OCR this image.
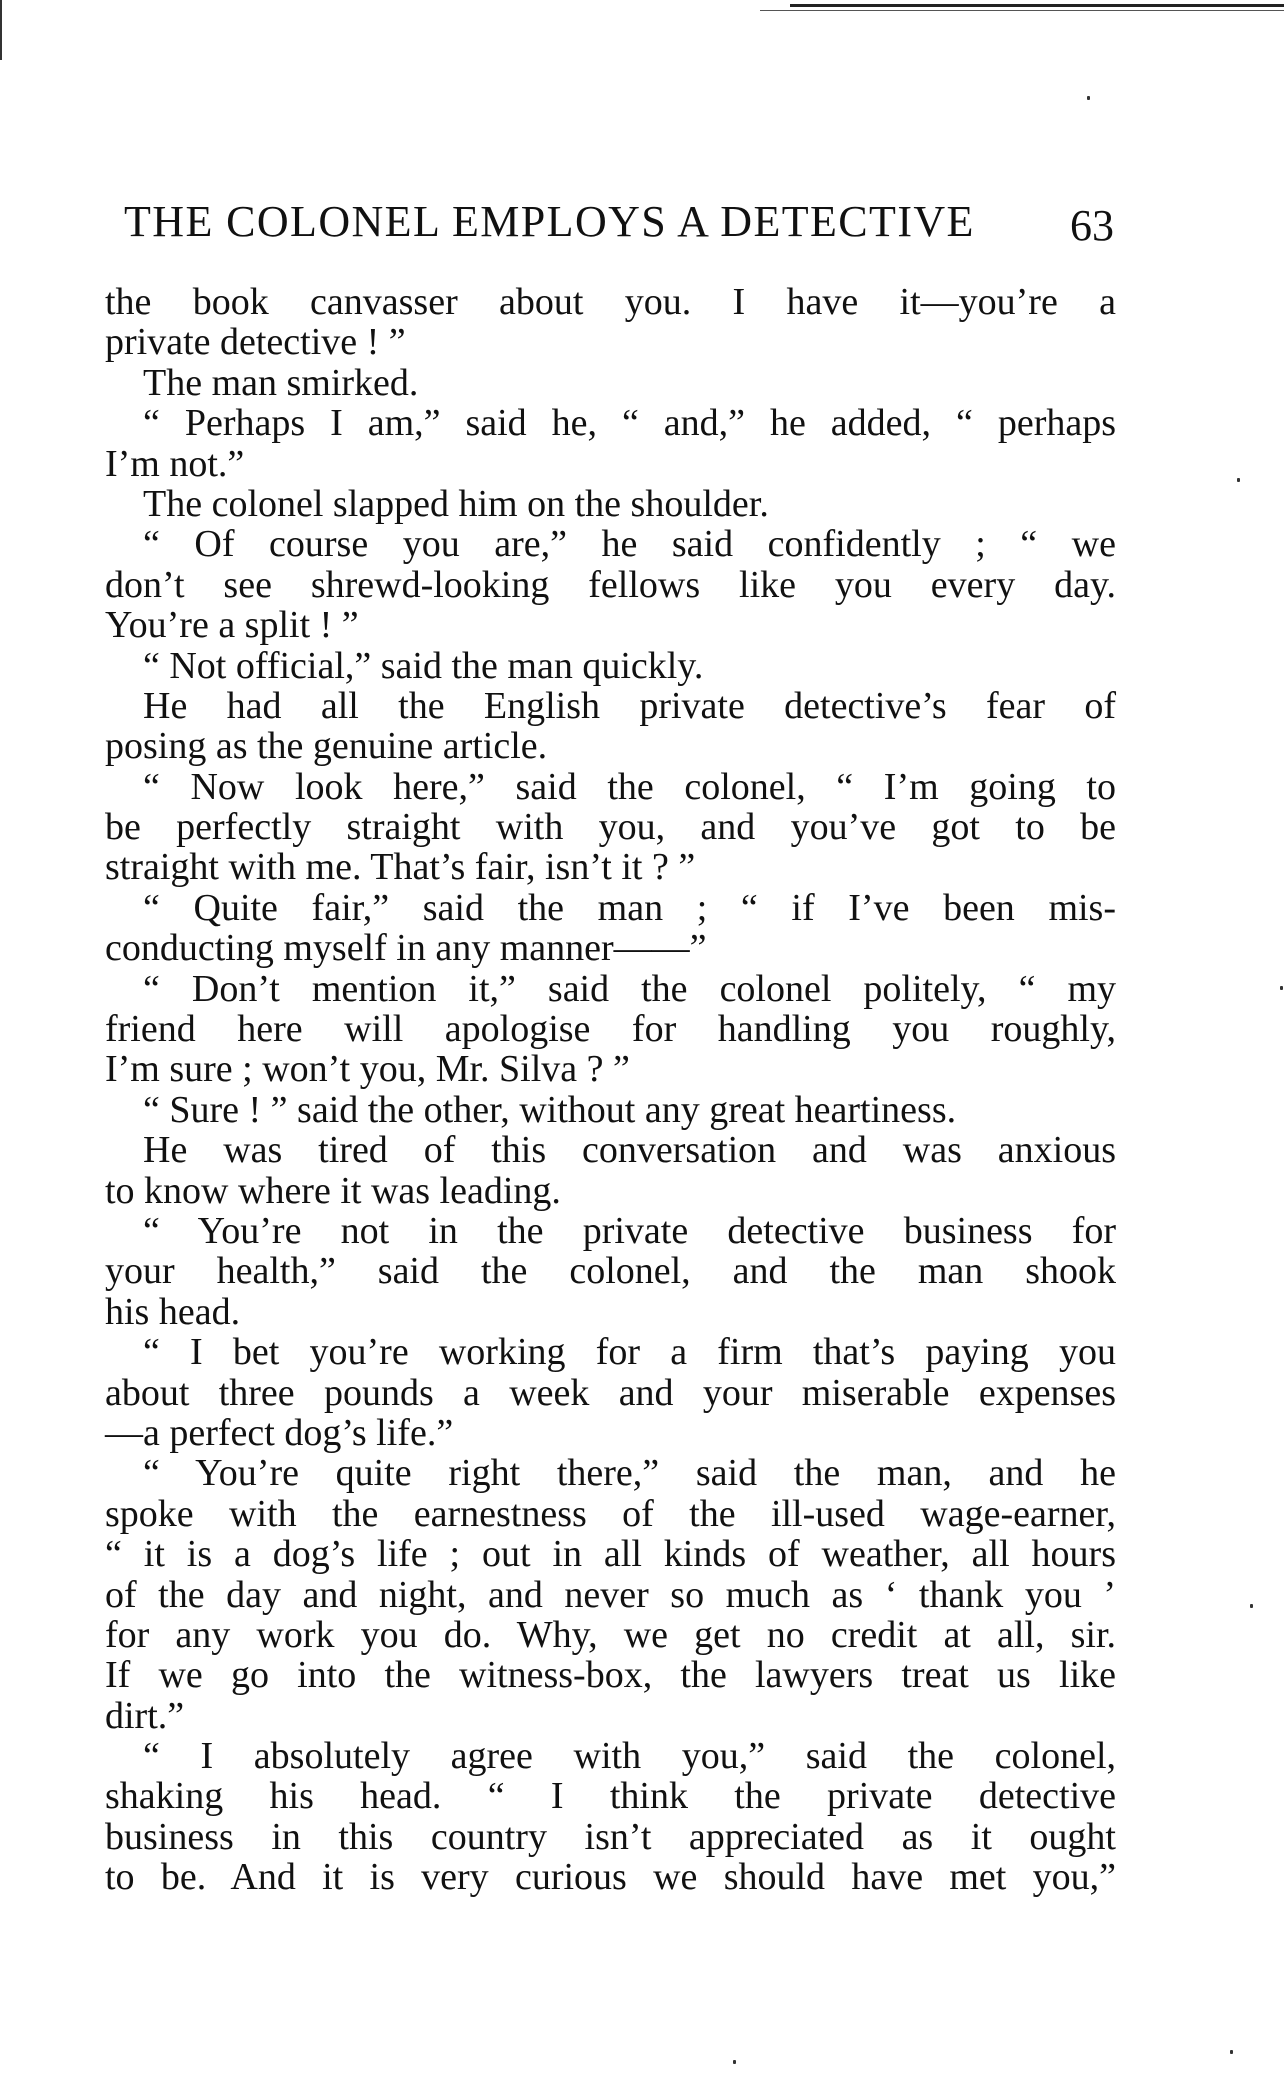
THE COLONEL EMPLOYS A DETECTIVE 63
the book canvasser about you. I have it—you’re a
private detective ! ”
The man smirked.
“ Perhaps I am,” said he, “ and,” he added, “ perhaps
I’m not.”
The colonel slapped him on the shoulder.
“ Of course you are,” he said confidently ; “ we
don’t see shrewd-looking fellows like you every day.
You’re a split ! ”
“ Not official,” said the man quickly.
He had all the English private detective’s fear of
posing as the genuine article.
“ Now look here,” said the colonel, “ I’m going to
be perfectly straight with you, and you’ve got to be
straight with me. That’s fair, isn’t it ? ”
“ Quite fair,” said the man ; “ if I’ve been mis-
conducting myself in any manner——”
“ Don’t mention it,” said the colonel politely, “ my
friend here will apologise for handling you roughly,
I’m sure ; won’t you, Mr. Silva ? ”
“ Sure ! ” said the other, without any great heartiness.
He was tired of this conversation and was anxious
to know where it was leading.
“ You’re not in the private detective business for
your health,” said the colonel, and the man shook
his head.
“ I bet you’re working for a firm that’s paying you
about three pounds a week and your miserable expenses
—a perfect dog’s life.”
“ You’re quite right there,” said the man, and he
spoke with the earnestness of the ill-used wage-earner,
“ it is a dog’s life ; out in all kinds of weather, all hours
of the day and night, and never so much as ‘ thank you ’
for any work you do. Why, we get no credit at all, sir.
If we go into the witness-box, the lawyers treat us like
dirt.”
“ I absolutely agree with you,” said the colonel,
shaking his head. “ I think the private detective
business in this country isn’t appreciated as it ought
to be. And it is very curious we should have met you,”
